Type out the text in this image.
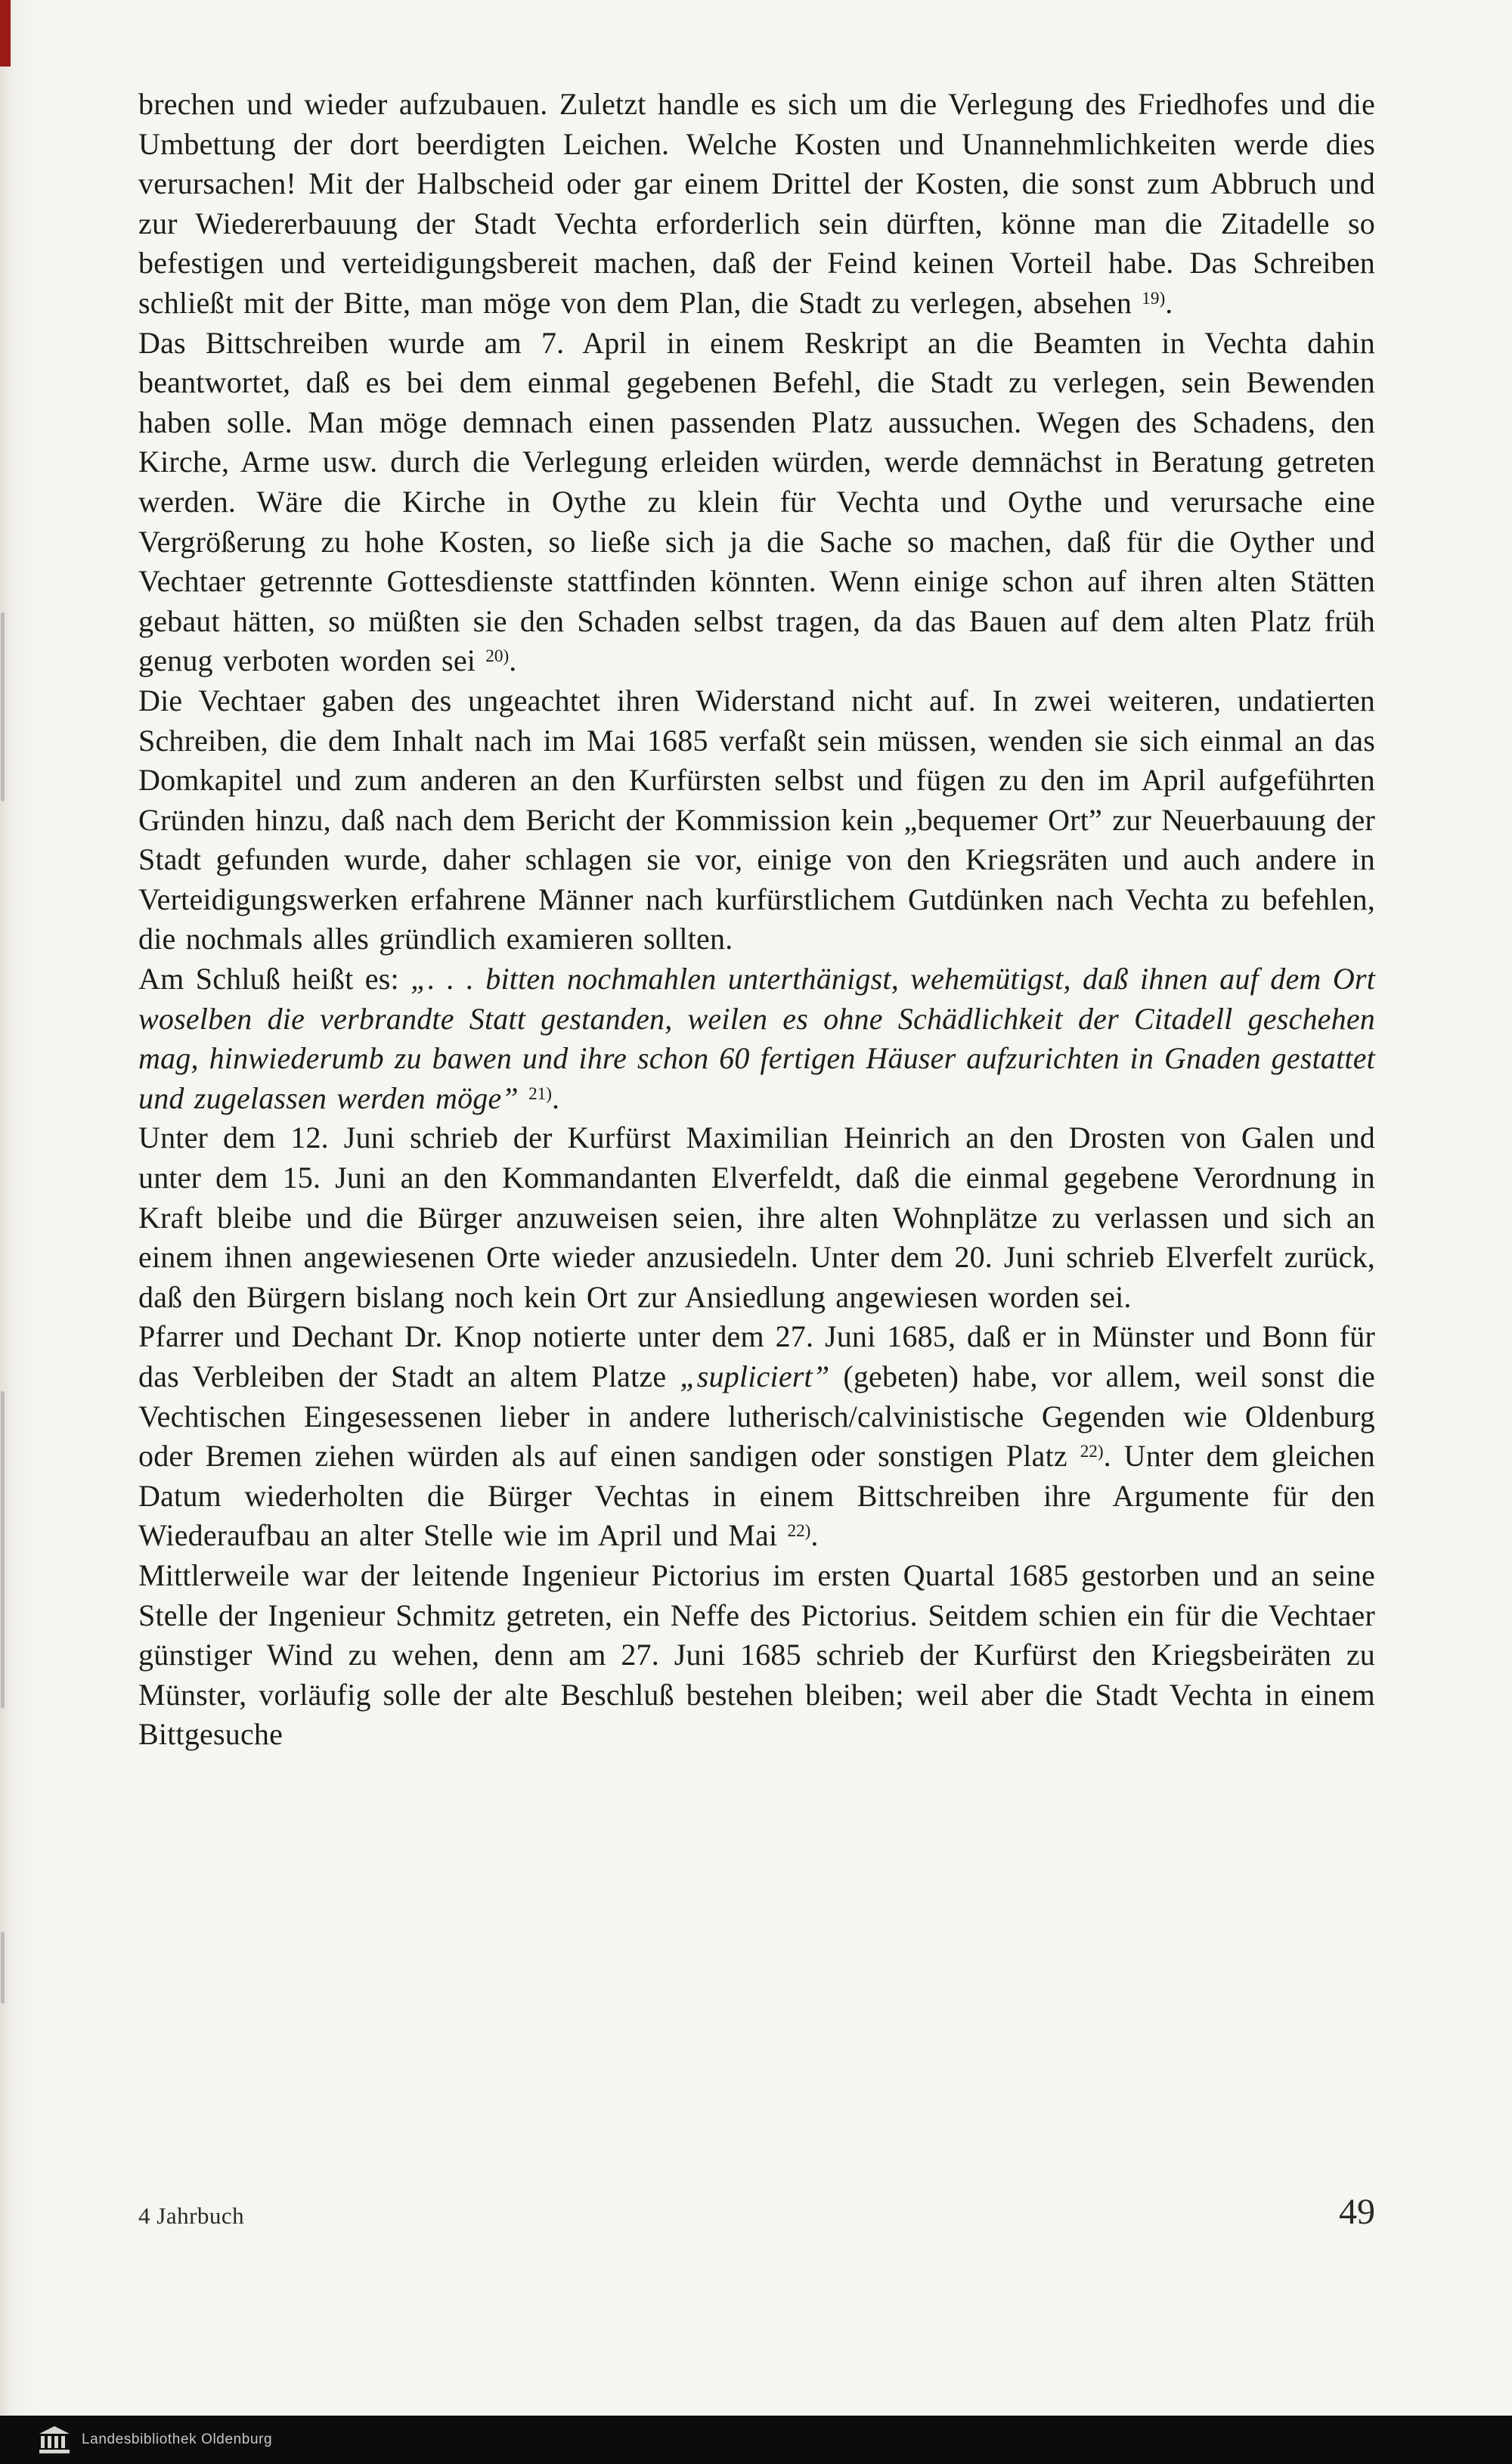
brechen und wieder aufzubauen. Zuletzt handle es sich um die Verlegung des Friedhofes und die Umbettung der dort beerdigten Leichen. Welche Kosten und Unannehmlichkeiten werde dies verursachen! Mit der Halbscheid oder gar einem Drittel der Kosten, die sonst zum Abbruch und zur Wiedererbauung der Stadt Vechta erforderlich sein dürften, könne man die Zitadelle so befestigen und verteidigungsbereit machen, daß der Feind keinen Vorteil habe. Das Schreiben schließt mit der Bitte, man möge von dem Plan, die Stadt zu verlegen, absehen $^{19)}$.

Das Bittschreiben wurde am 7. April in einem Reskript an die Beamten in Vechta dahin beantwortet, daß es bei dem einmal gegebenen Befehl, die Stadt zu verlegen, sein Bewenden haben solle. Man möge demnach einen passenden Platz aussuchen. Wegen des Schadens, den Kirche, Arme usw. durch die Verlegung erleiden würden, werde demnächst in Beratung getreten werden. Wäre die Kirche in Oythe zu klein für Vechta und Oythe und verursache eine Vergrößerung zu hohe Kosten, so ließe sich ja die Sache so machen, daß für die Oyther und Vechtaer getrennte Gottesdienste stattfinden könnten. Wenn einige schon auf ihren alten Stätten gebaut hätten, so müßten sie den Schaden selbst tragen, da das Bauen auf dem alten Platz früh genug verboten worden sei $^{20)}$.

Die Vechtaer gaben des ungeachtet ihren Widerstand nicht auf. In zwei weiteren, undatierten Schreiben, die dem Inhalt nach im Mai 1685 verfaßt sein müssen, wenden sie sich einmal an das Domkapitel und zum anderen an den Kurfürsten selbst und fügen zu den im April aufgeführten Gründen hinzu, daß nach dem Bericht der Kommission kein „bequemer Ort” zur Neuerbauung der Stadt gefunden wurde, daher schlagen sie vor, einige von den Kriegsräten und auch andere in Verteidigungswerken erfahrene Männer nach kurfürstlichem Gutdünken nach Vechta zu befehlen, die nochmals alles gründlich examieren sollten.

Am Schluß heißt es: „. . . bitten nochmahlen unterthänigst, wehemütigst, daß ihnen auf dem Ort woselben die verbrandte Statt gestanden, weilen es ohne Schädlichkeit der Citadell geschehen mag, hinwiederumb zu bawen und ihre schon 60 fertigen Häuser aufzurichten in Gnaden gestattet und zugelassen werden möge” $^{21)}$.

Unter dem 12. Juni schrieb der Kurfürst Maximilian Heinrich an den Drosten von Galen und unter dem 15. Juni an den Kommandanten Elverfeldt, daß die einmal gegebene Verordnung in Kraft bleibe und die Bürger anzuweisen seien, ihre alten Wohnplätze zu verlassen und sich an einem ihnen angewiesenen Orte wieder anzusiedeln. Unter dem 20. Juni schrieb Elverfelt zurück, daß den Bürgern bislang noch kein Ort zur Ansiedlung angewiesen worden sei.

Pfarrer und Dechant Dr. Knop notierte unter dem 27. Juni 1685, daß er in Münster und Bonn für das Verbleiben der Stadt an altem Platze „supliciert” (gebeten) habe, vor allem, weil sonst die Vechtischen Eingesessenen lieber in andere lutherisch/calvinistische Gegenden wie Oldenburg oder Bremen ziehen würden als auf einen sandigen oder sonstigen Platz $^{22)}$. Unter dem gleichen Datum wiederholten die Bürger Vechtas in einem Bittschreiben ihre Argumente für den Wiederaufbau an alter Stelle wie im April und Mai $^{22)}$.

Mittlerweile war der leitende Ingenieur Pictorius im ersten Quartal 1685 gestorben und an seine Stelle der Ingenieur Schmitz getreten, ein Neffe des Pictorius. Seitdem schien ein für die Vechtaer günstiger Wind zu wehen, denn am 27. Juni 1685 schrieb der Kurfürst den Kriegsbeiräten zu Münster, vorläufig solle der alte Beschluß bestehen bleiben; weil aber die Stadt Vechta in einem Bittgesuche

4 Jahrbuch	49
Landesbibliothek Oldenburg
